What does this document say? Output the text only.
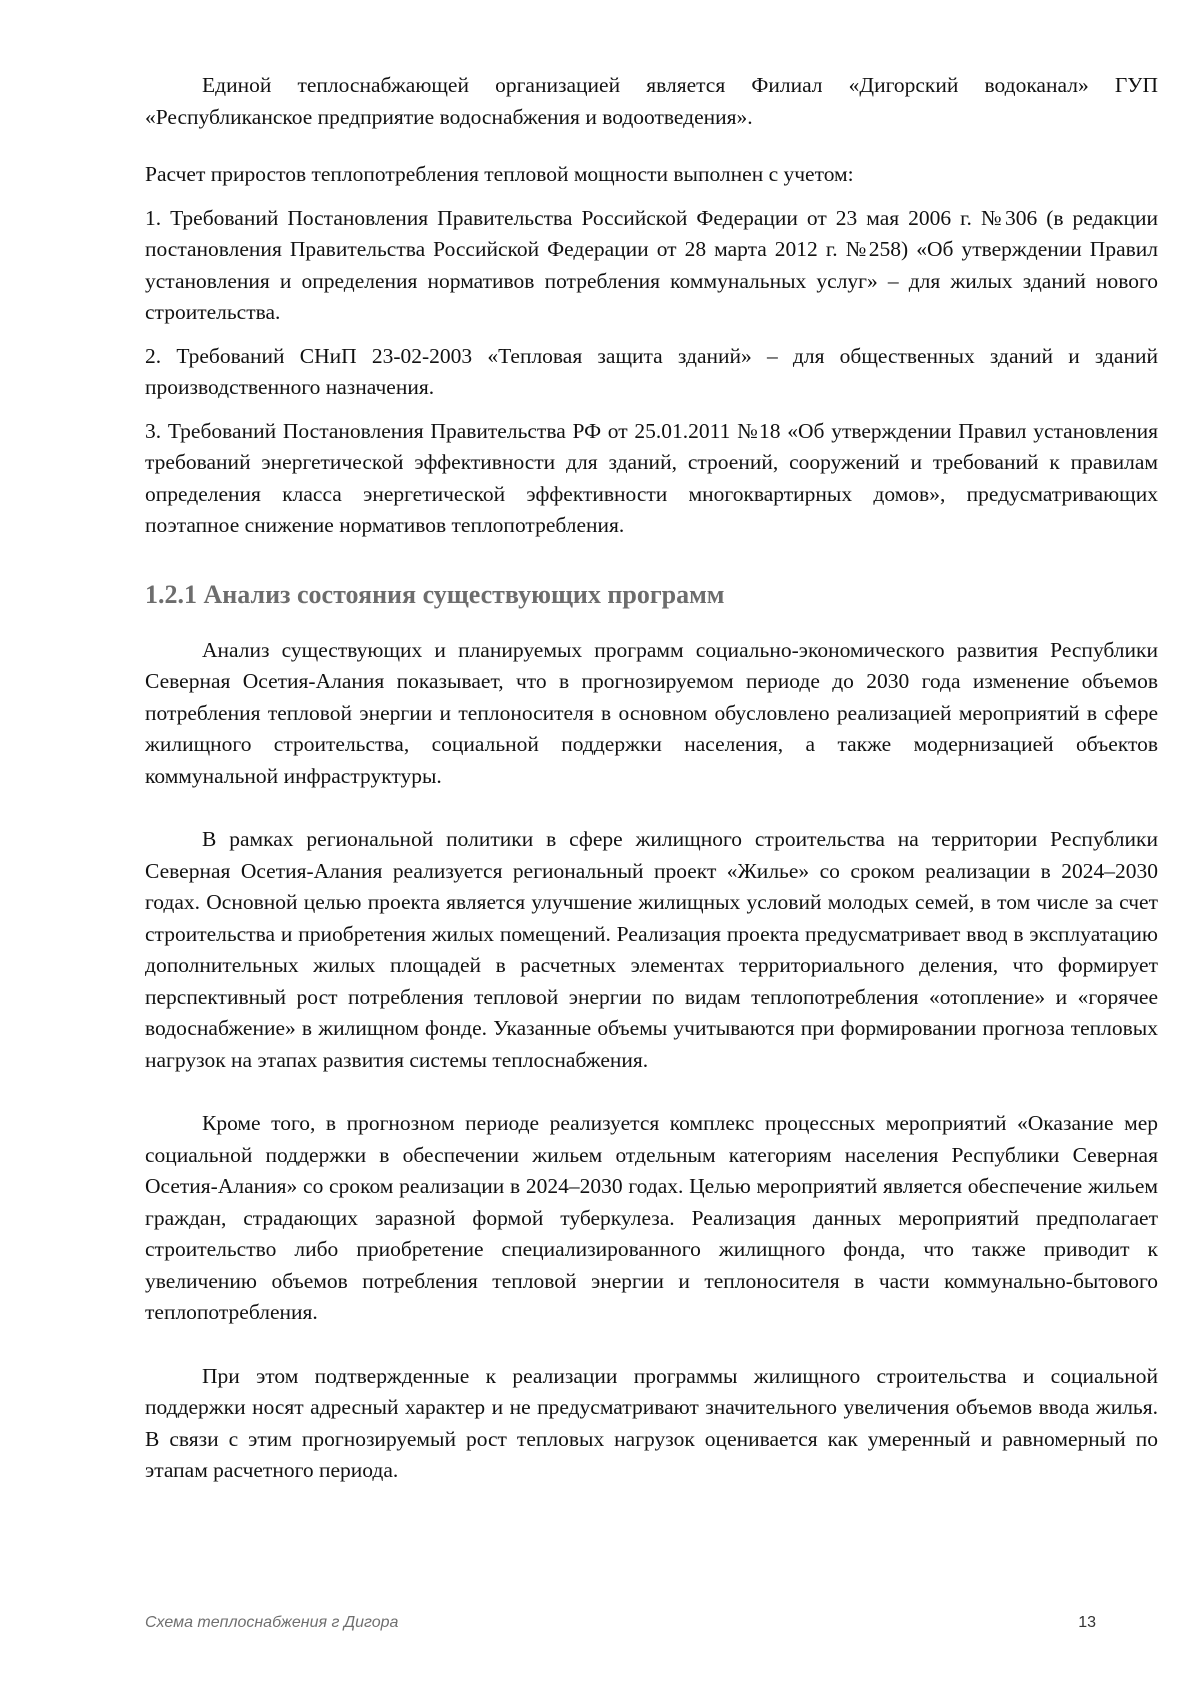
Единой теплоснабжающей организацией является Филиал «Дигорский водоканал» ГУП «Республиканское предприятие водоснабжения и водоотведения».

Расчет приростов теплопотребления тепловой мощности выполнен с учетом:

1. Требований Постановления Правительства Российской Федерации от 23 мая 2006 г. №306 (в редакции постановления Правительства Российской Федерации от 28 марта 2012 г. №258) «Об утверждении Правил установления и определения нормативов потребления коммунальных услуг» – для жилых зданий нового строительства.

2. Требований СНиП 23-02-2003 «Тепловая защита зданий» – для общественных зданий и зданий производственного назначения.

3. Требований Постановления Правительства РФ от 25.01.2011 №18 «Об утверждении Правил установления требований энергетической эффективности для зданий, строений, сооружений и требований к правилам определения класса энергетической эффективности многоквартирных домов», предусматривающих поэтапное снижение нормативов теплопотребления.

1.2.1 Анализ состояния существующих программ

Анализ существующих и планируемых программ социально-экономического развития Республики Северная Осетия-Алания показывает, что в прогнозируемом периоде до 2030 года изменение объемов потребления тепловой энергии и теплоносителя в основном обусловлено реализацией мероприятий в сфере жилищного строительства, социальной поддержки населения, а также модернизацией объектов коммунальной инфраструктуры.

В рамках региональной политики в сфере жилищного строительства на территории Республики Северная Осетия-Алания реализуется региональный проект «Жилье» со сроком реализации в 2024–2030 годах. Основной целью проекта является улучшение жилищных условий молодых семей, в том числе за счет строительства и приобретения жилых помещений. Реализация проекта предусматривает ввод в эксплуатацию дополнительных жилых площадей в расчетных элементах территориального деления, что формирует перспективный рост потребления тепловой энергии по видам теплопотребления «отопление» и «горячее водоснабжение» в жилищном фонде. Указанные объемы учитываются при формировании прогноза тепловых нагрузок на этапах развития системы теплоснабжения.

Кроме того, в прогнозном периоде реализуется комплекс процессных мероприятий «Оказание мер социальной поддержки в обеспечении жильем отдельным категориям населения Республики Северная Осетия-Алания» со сроком реализации в 2024–2030 годах. Целью мероприятий является обеспечение жильем граждан, страдающих заразной формой туберкулеза. Реализация данных мероприятий предполагает строительство либо приобретение специализированного жилищного фонда, что также приводит к увеличению объемов потребления тепловой энергии и теплоносителя в части коммунально-бытового теплопотребления.

При этом подтвержденные к реализации программы жилищного строительства и социальной поддержки носят адресный характер и не предусматривают значительного увеличения объемов ввода жилья. В связи с этим прогнозируемый рост тепловых нагрузок оценивается как умеренный и равномерный по этапам расчетного периода.

Схема теплоснабжения г Дигора	13
